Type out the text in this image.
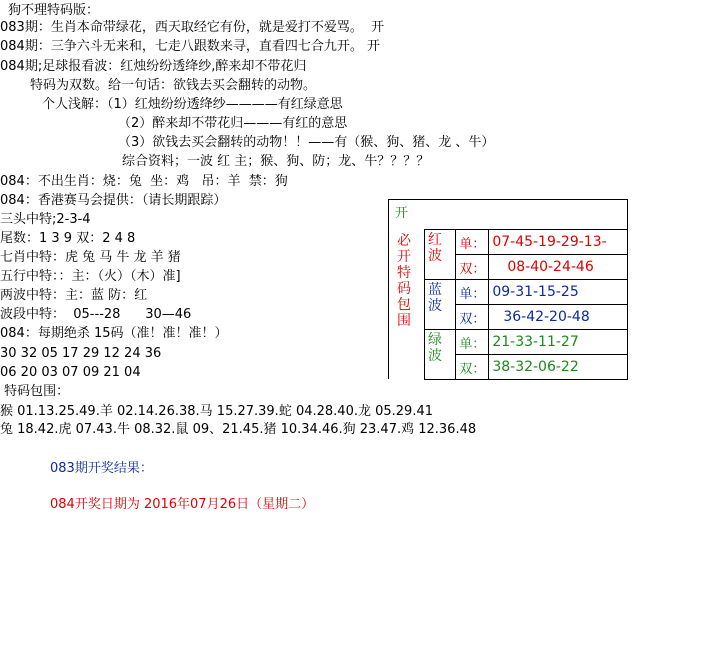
狗不理特码版：
083期：生肖本命带绿花，西天取经它有份，就是爱打不爱骂。  开
084期：三争六斗无来和，七走八跟数来寻，直看四七合九开。 开
084期;足球报看波：红烛纷纷透绛纱,醉来却不带花归
特码为双数。给一句话：欲钱去买会翻转的动物。
个人浅解：（1）红烛纷纷透绛纱————有红绿意思
（2）醉来却不带花归———有红的意思
（3）欲钱去买会翻转的动物！！——有（猴、狗、猪、龙 、牛）
综合资料；一波 红 主；猴、狗、防；龙、牛？？？？
084：不出生肖：烧：兔  坐：鸡   吊：羊  禁：狗
084：香港赛马会提供：（请长期跟踪）
三头中特;2-3-4
尾数：1 3 9 双：2 4 8
七肖中特：虎 兔 马 牛 龙 羊 猪
五行中特：：主：（火）（木）准]
两波中特：主：蓝 防：红
波段中特：  05---28      30—46
084：每期绝杀 15码（准！准！准！）
30 32 05 17 29 12 24 36
06 20 03 07 09 21 04
特码包围：
猴 01.13.25.49.羊 02.14.26.38.马 15.27.39.蛇 04.28.40.龙 05.29.41
兔 18.42.虎 07.43.牛 08.32.鼠 09、21.45.猪 10.34.46.狗 23.47.鸡 12.36.48
083期开奖结果：
084开奖日期为 2016年07月26日（星期二）
开
必开特码包围
红波	单：	07-45-19-29-13-
	双：	08-40-24-46
蓝波	单：	09-31-15-25
	双：	36-42-20-48
绿波	单：	21-33-11-27
	双：	38-32-06-22
